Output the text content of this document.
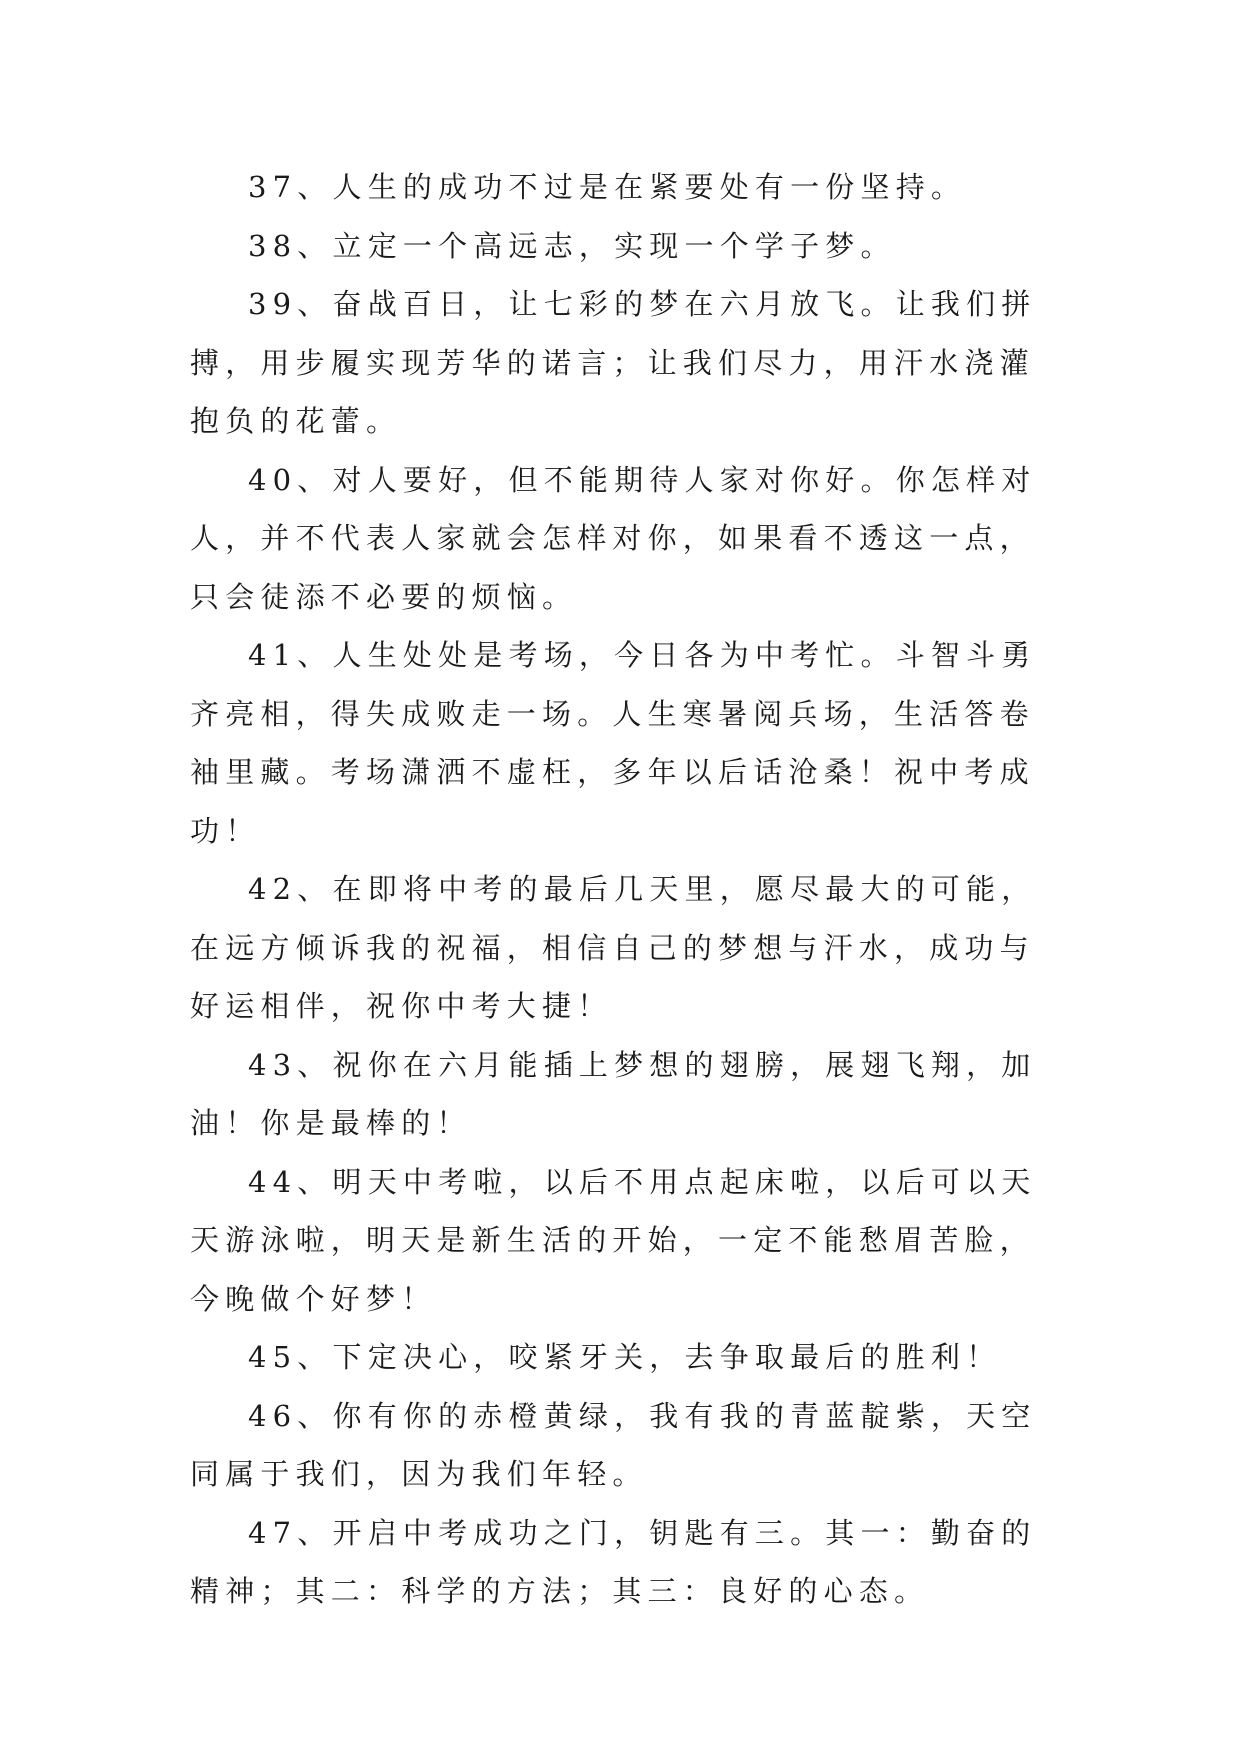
37、人生的成功不过是在紧要处有一份坚持。

38、立定一个高远志，实现一个学子梦。

39、奋战百日，让七彩的梦在六月放飞。让我们拼搏，用步履实现芳华的诺言；让我们尽力，用汗水浇灌抱负的花蕾。

40、对人要好，但不能期待人家对你好。你怎样对人，并不代表人家就会怎样对你，如果看不透这一点，只会徒添不必要的烦恼。

41、人生处处是考场，今日各为中考忙。斗智斗勇齐亮相，得失成败走一场。人生寒暑阅兵场，生活答卷袖里藏。考场潇洒不虚枉，多年以后话沧桑！祝中考成功！

42、在即将中考的最后几天里，愿尽最大的可能，在远方倾诉我的祝福，相信自己的梦想与汗水，成功与好运相伴，祝你中考大捷！

43、祝你在六月能插上梦想的翅膀，展翅飞翔，加油！你是最棒的！

44、明天中考啦，以后不用点起床啦，以后可以天天游泳啦，明天是新生活的开始，一定不能愁眉苦脸，今晚做个好梦！

45、下定决心，咬紧牙关，去争取最后的胜利！

46、你有你的赤橙黄绿，我有我的青蓝靛紫，天空同属于我们，因为我们年轻。

47、开启中考成功之门，钥匙有三。其一：勤奋的精神；其二：科学的方法；其三：良好的心态。
